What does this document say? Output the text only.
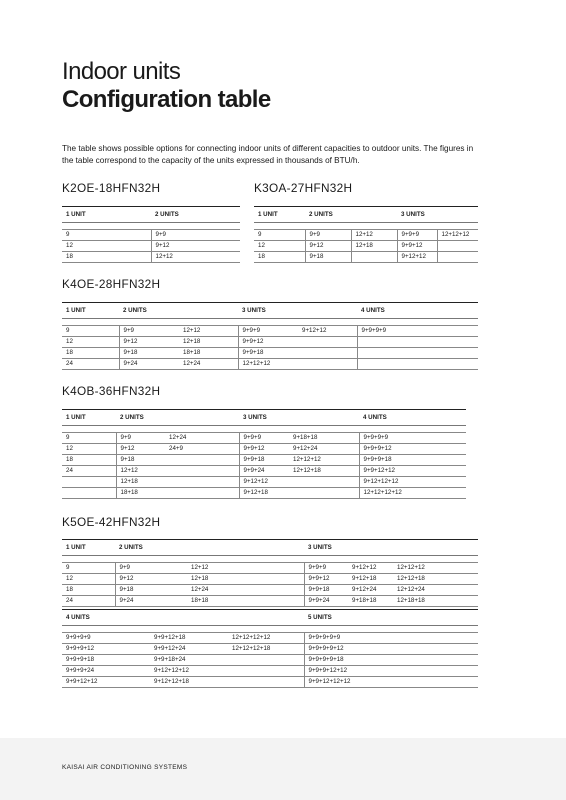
Indoor units
Configuration table

The table shows possible options for connecting indoor units of different capacities to outdoor units. The figures in the table correspond to the capacity of the units expressed in thousands of BTU/h.

K2OE-18HFN32H	K3OA-27HFN32H
K4OE-28HFN32H
K4OB-36HFN32H
K5OE-42HFN32H
1 UNIT	2 UNITS

9	9+9
12	9+12
18	12+12
1 UNIT	2 UNITS		3 UNITS	

9	9+9	12+12	9+9+9	12+12+12
12	9+12	12+18	9+9+12	
18	9+18		9+12+12	
1 UNIT	2 UNITS		3 UNITS		4 UNITS

9	9+9	12+12	9+9+9	9+12+12	9+9+9+9
12	9+12	12+18	9+9+12		
18	9+18	18+18	9+9+18		
24	9+24	12+24	12+12+12		
1 UNIT	2 UNITS		3 UNITS		4 UNITS

9	9+9	12+24	9+9+9	9+18+18	9+9+9+9
12	9+12	24+9	9+9+12	9+12+24	9+9+9+12
18	9+18		9+9+18	12+12+12	9+9+9+18
24	12+12		9+9+24	12+12+18	9+9+12+12
	12+18		9+12+12		9+12+12+12
	18+18		9+12+18		12+12+12+12
1 UNIT	2 UNITS		3 UNITS		

9	9+9	12+12	9+9+9	9+12+12	12+12+12
12	9+12	12+18	9+9+12	9+12+18	12+12+18
18	9+18	12+24	9+9+18	9+12+24	12+12+24
24	9+24	18+18	9+9+24	9+18+18	12+18+18
4 UNITS			5 UNITS

9+9+9+9	9+9+12+18	12+12+12+12	9+9+9+9+9
9+9+9+12	9+9+12+24	12+12+12+18	9+9+9+9+12
9+9+9+18	9+9+18+24		9+9+9+9+18
9+9+9+24	9+12+12+12		9+9+9+12+12
9+9+12+12	9+12+12+18		9+9+12+12+12
KAISAI AIR CONDITIONING SYSTEMS
